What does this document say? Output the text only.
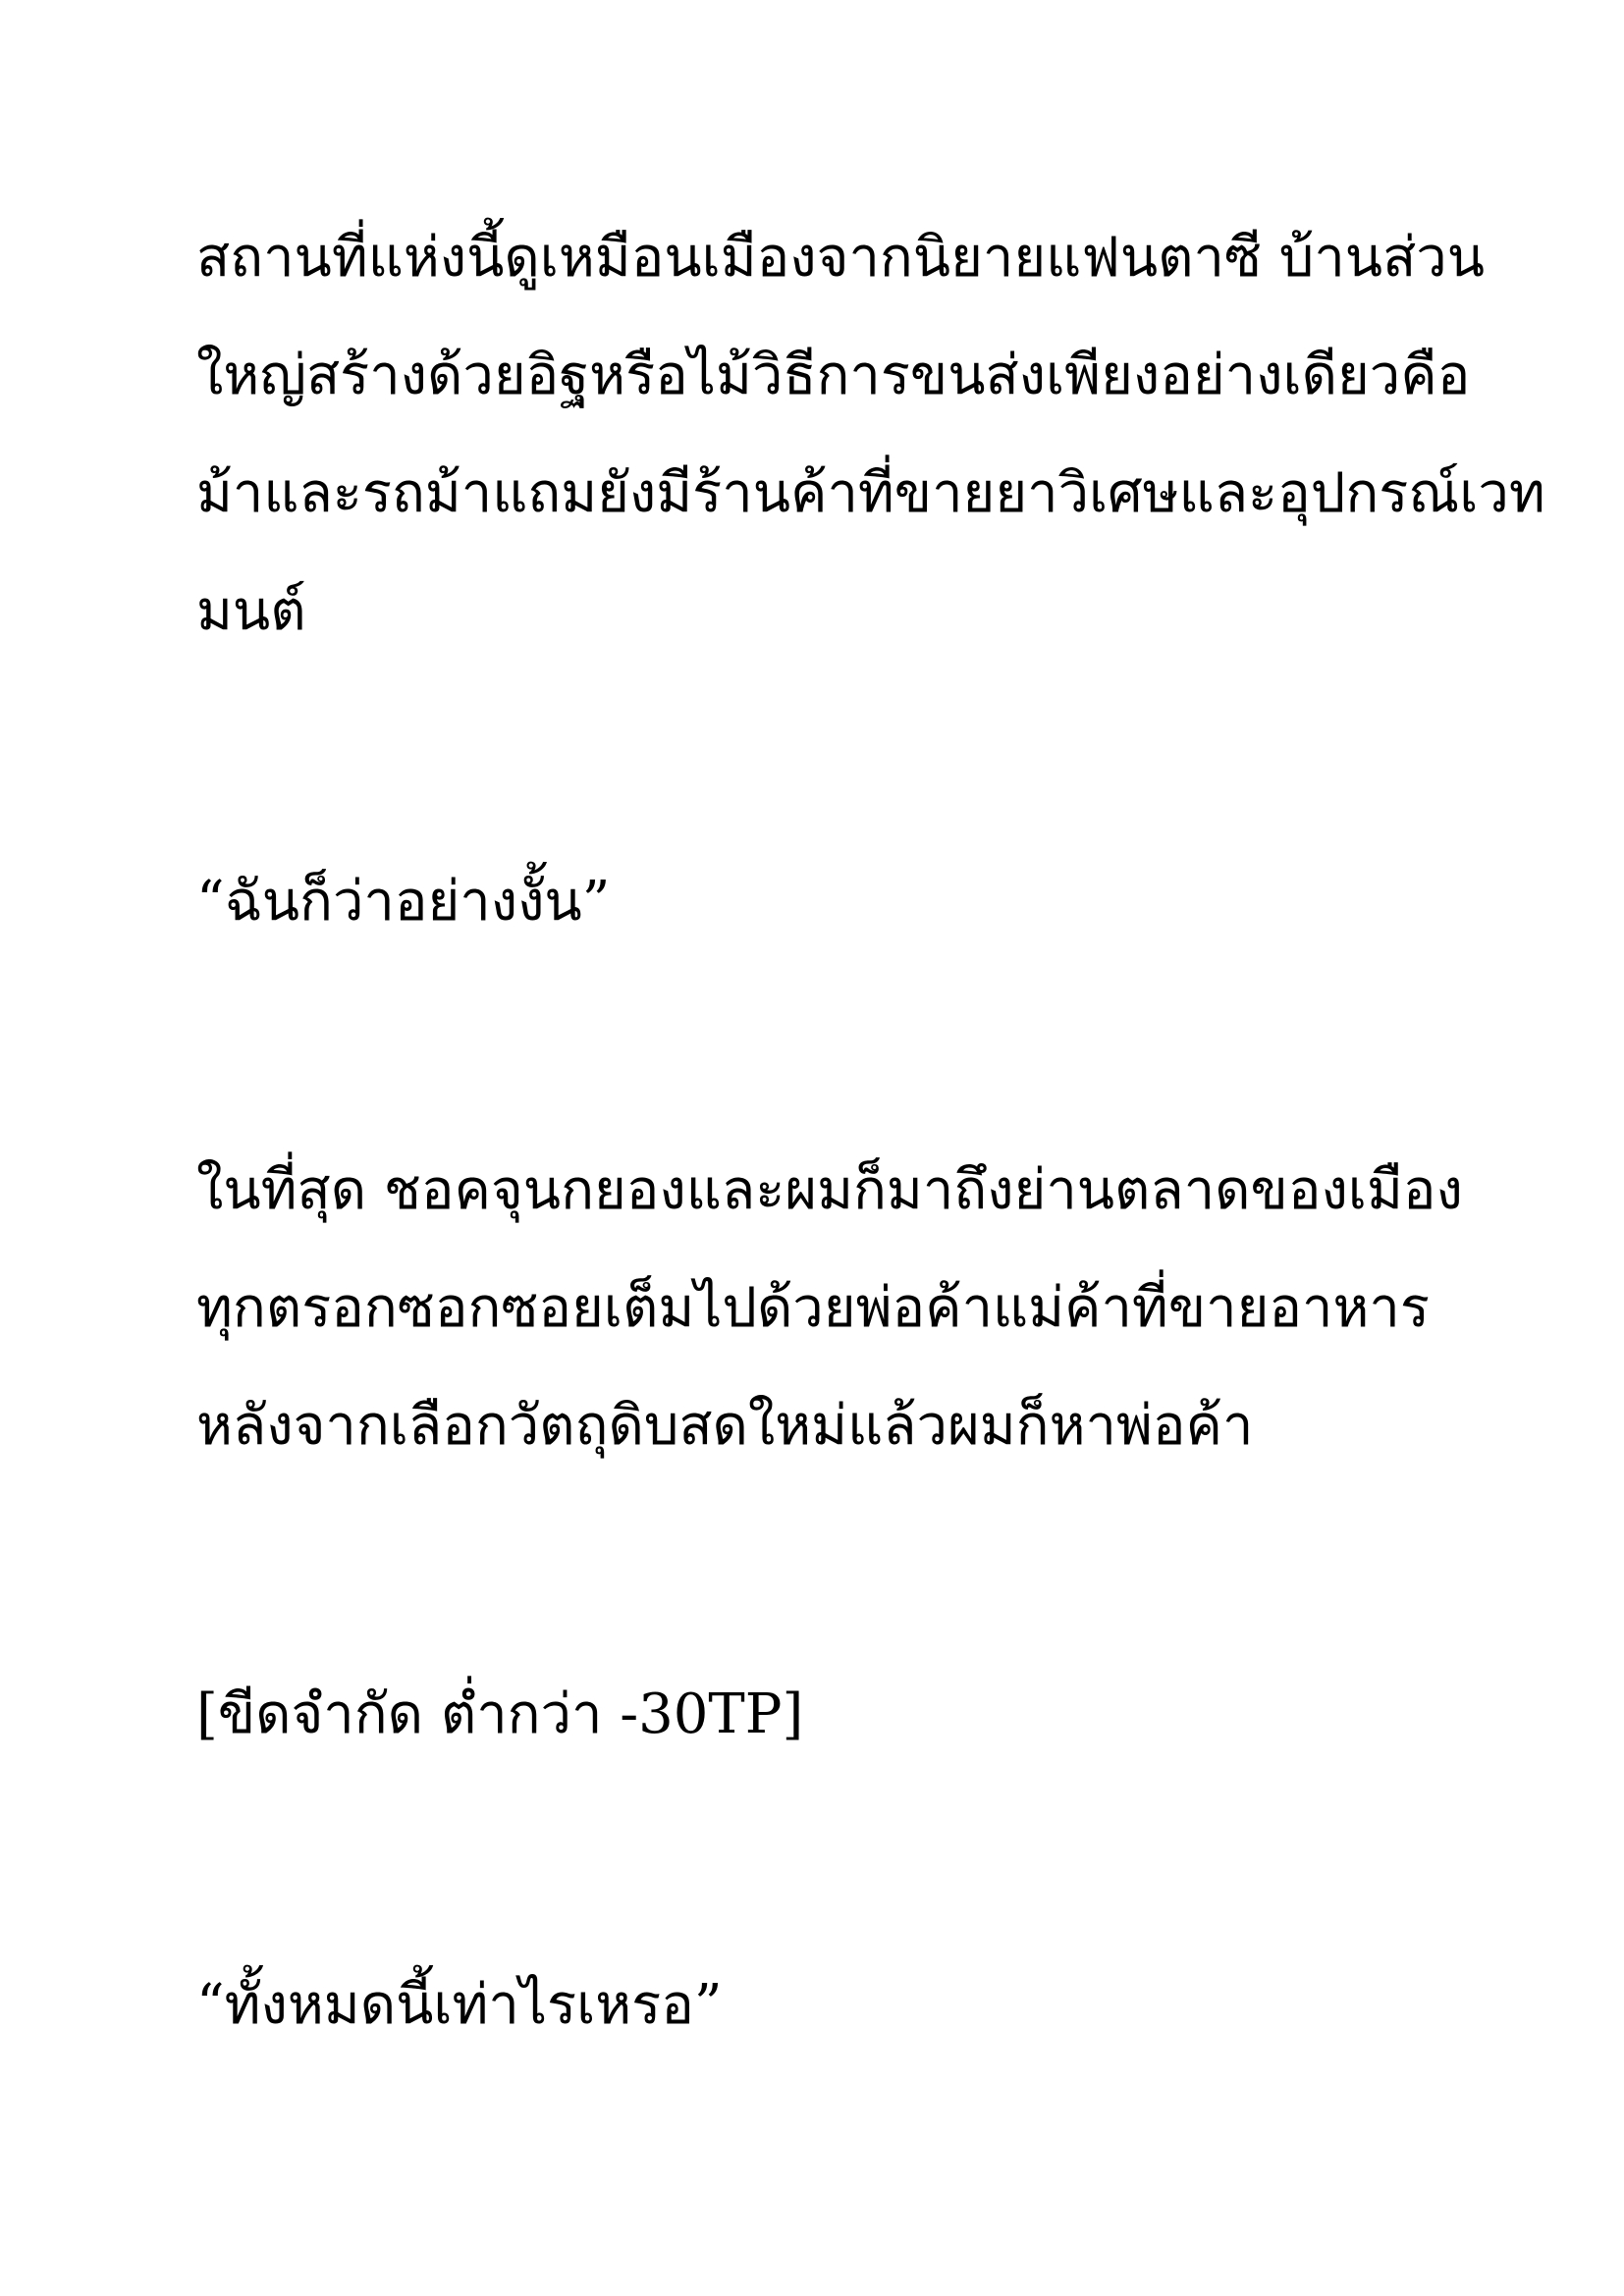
สถานที่แห่งนี้ดูเหมือนเมืองจากนิยายแฟนตาซี บ้านส่วน

ใหญ่สร้างด้วยอิฐหรือไม้วิธีการขนส่งเพียงอย่างเดียวคือ

ม้าและรถม้าแถมยังมีร้านค้าที่ขายยาวิเศษและอุปกรณ์เวท

มนต์

“ฉันก็ว่าอย่างงั้น”

ในที่สุด ชอคจุนกยองและผมก็มาถึงย่านตลาดของเมือง

ทุกตรอกซอกซอยเต็มไปด้วยพ่อค้าแม่ค้าที่ขายอาหาร

หลังจากเลือกวัตถุดิบสดใหม่แล้วผมก็หาพ่อค้า

[ขีดจำกัด ต่ำกว่า -30TP]

“ทั้งหมดนี้เท่าไรเหรอ”
